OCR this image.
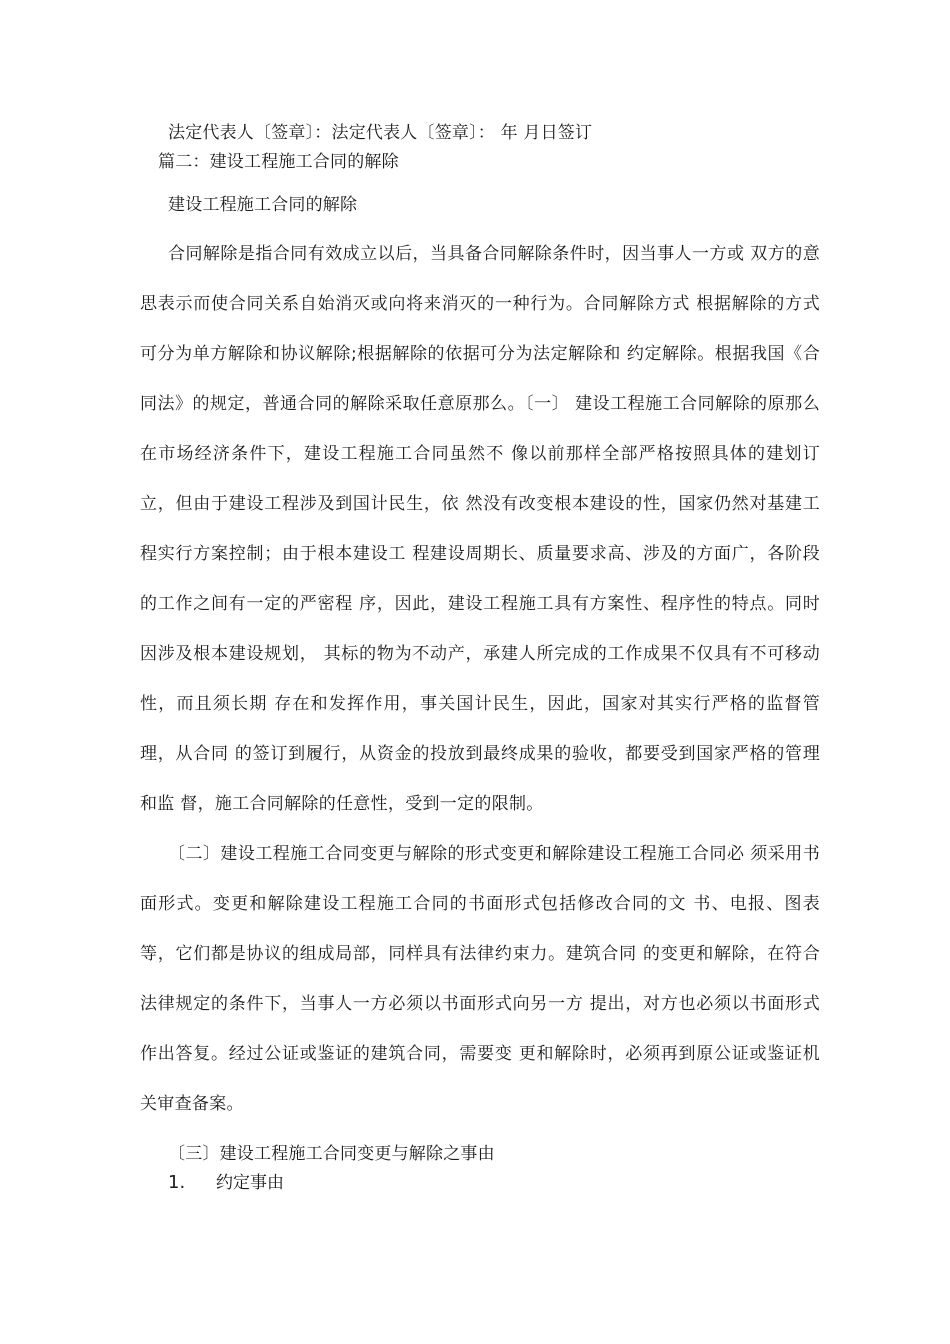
法定代表人〔签章〕：法定代表人〔签章〕： 年 月日签订
篇二：建设工程施工合同的解除
建设工程施工合同的解除

合同解除是指合同有效成立以后，当具备合同解除条件时，因当事人一方或 双方的意思表示而使合同关系自始消灭或向将来消灭的一种行为。合同解除方式 根据解除的方式可分为单方解除和协议解除;根据解除的依据可分为法定解除和 约定解除。根据我国《合同法》的规定，普通合同的解除采取任意原那么。〔一〕 建设工程施工合同解除的原那么在市场经济条件下，建设工程施工合同虽然不 像以前那样全部严格按照具体的建划订立，但由于建设工程涉及到国计民生，依 然没有改变根本建设的性，国家仍然对基建工程实行方案控制；由于根本建设工 程建设周期长、质量要求高、涉及的方面广，各阶段的工作之间有一定的严密程 序，因此，建设工程施工具有方案性、程序性的特点。同时因涉及根本建设规划， 其标的物为不动产，承建人所完成的工作成果不仅具有不可移动性，而且须长期 存在和发挥作用，事关国计民生，因此，国家对其实行严格的监督管理，从合同 的签订到履行，从资金的投放到最终成果的验收，都要受到国家严格的管理和监 督，施工合同解除的任意性，受到一定的限制。

〔二〕建设工程施工合同变更与解除的形式变更和解除建设工程施工合同必 须采用书面形式。变更和解除建设工程施工合同的书面形式包括修改合同的文 书、电报、图表等，它们都是协议的组成局部，同样具有法律约束力。建筑合同 的变更和解除，在符合法律规定的条件下，当事人一方必须以书面形式向另一方 提出，对方也必须以书面形式作出答复。经过公证或鉴证的建筑合同，需要变 更和解除时，必须再到原公证或鉴证机关审查备案。

〔三〕建设工程施工合同变更与解除之事由
1. 约定事由
